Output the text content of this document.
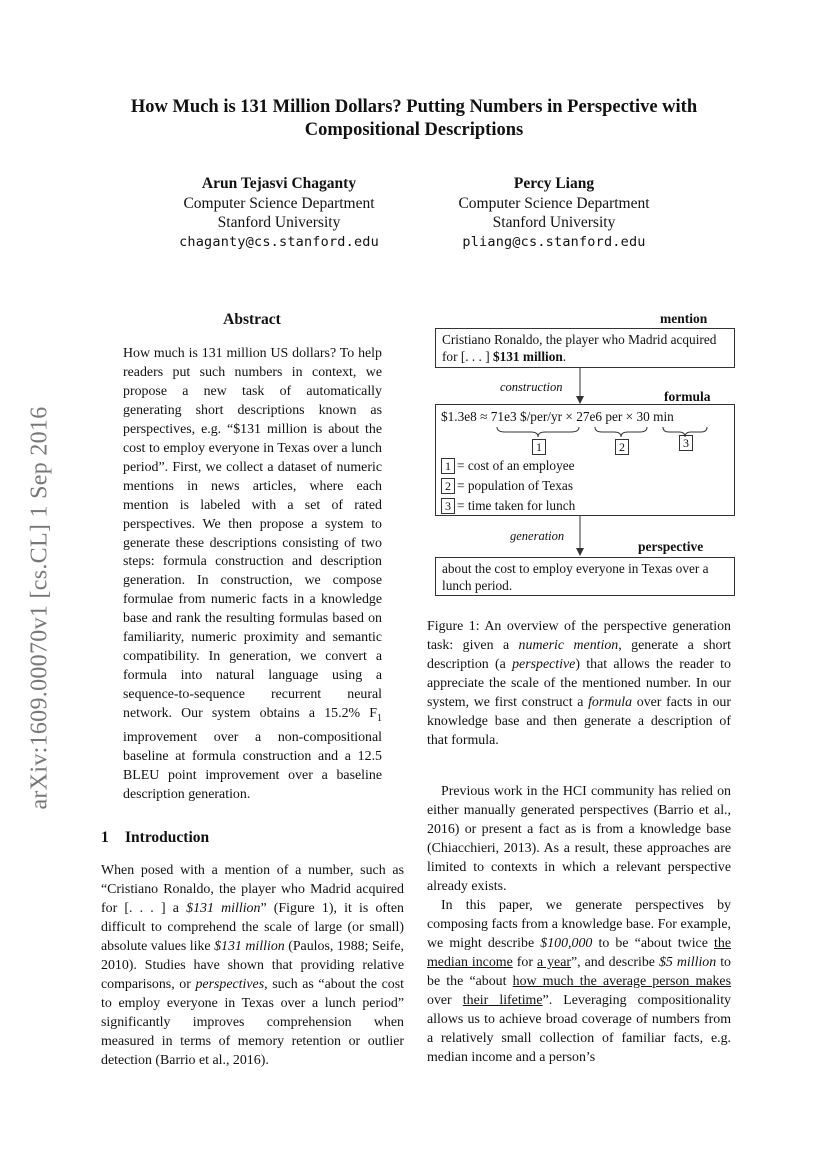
How Much is 131 Million Dollars? Putting Numbers in Perspective with
Compositional Descriptions
Arun Tejasvi Chaganty
Computer Science Department
Stanford University
chaganty@cs.stanford.edu
Percy Liang
Computer Science Department
Stanford University
pliang@cs.stanford.edu
arXiv:1609.00070v1 [cs.CL] 1 Sep 2016
Abstract
How much is 131 million US dollars? To help readers put such numbers in context, we propose a new task of automatically generating short descriptions known as perspectives, e.g. “$131 million is about the cost to employ everyone in Texas over a lunch period”. First, we collect a dataset of numeric mentions in news articles, where each mention is labeled with a set of rated perspectives. We then propose a system to generate these descriptions consisting of two steps: formula construction and description generation. In construction, we compose formulae from numeric facts in a knowledge base and rank the resulting formulas based on familiarity, numeric proximity and semantic compatibility. In generation, we convert a formula into natural language using a sequence-to-sequence recurrent neural network. Our system obtains a 15.2% $F_1$ improvement over a non-compositional baseline at formula construction and a 12.5 BLEU point improvement over a baseline description generation.
1 Introduction
When posed with a mention of a number, such as “Cristiano Ronaldo, the player who Madrid acquired for [. . . ] a $131 million” (Figure 1), it is often difficult to comprehend the scale of large (or small) absolute values like $131 million (Paulos, 1988; Seife, 2010). Studies have shown that providing relative comparisons, or perspectives, such as “about the cost to employ everyone in Texas over a lunch period” significantly improves comprehension when measured in terms of memory retention or outlier detection (Barrio et al., 2016).
mention
Cristiano Ronaldo, the player who Madrid acquired for [. . . ] $131 million.
construction
formula
$1.3e8 ≈ 71e3 $/per/yr × 27e6 per × 30 min
1	2	3
1 = cost of an employee
2 = population of Texas
3 = time taken for lunch
generation
perspective
about the cost to employ everyone in Texas over a lunch period.
Figure 1: An overview of the perspective generation task: given a numeric mention, generate a short description (a perspective) that allows the reader to appreciate the scale of the mentioned number. In our system, we first construct a formula over facts in our knowledge base and then generate a description of that formula.

Previous work in the HCI community has relied on either manually generated perspectives (Barrio et al., 2016) or present a fact as is from a knowledge base (Chiacchieri, 2013). As a result, these approaches are limited to contexts in which a relevant perspective already exists.

In this paper, we generate perspectives by composing facts from a knowledge base. For example, we might describe $100,000 to be “about twice the median income for a year”, and describe $5 million to be the “about how much the average person makes over their lifetime”. Leveraging compositionality allows us to achieve broad coverage of numbers from a relatively small collection of familiar facts, e.g. median income and a person’s
